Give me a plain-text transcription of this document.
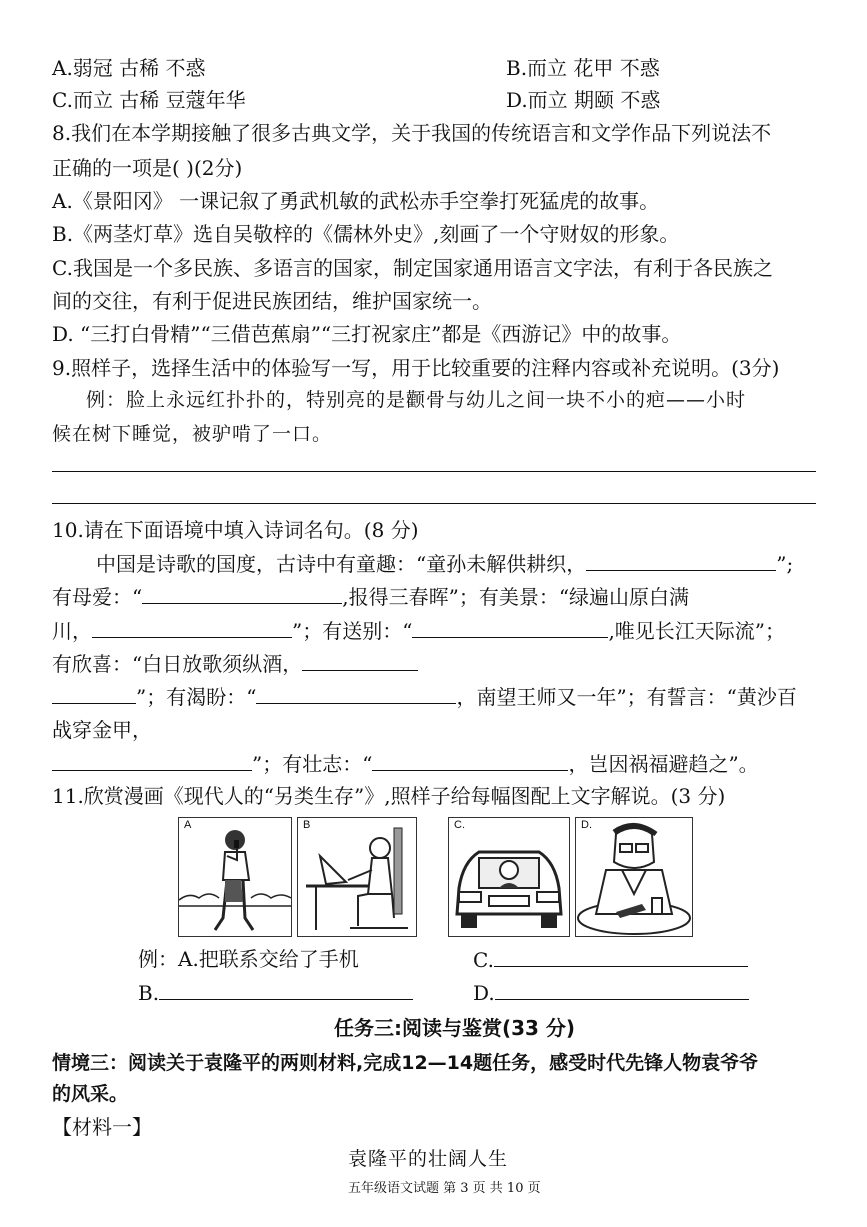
A.弱冠 古稀 不惑	B.而立 花甲 不惑
C.而立 古稀 豆蔻年华	D.而立 期颐 不惑
8.我们在本学期接触了很多古典文学，关于我国的传统语言和文学作品下列说法不
正确的一项是( )(2分)
A.《景阳冈》 一课记叙了勇武机敏的武松赤手空拳打死猛虎的故事。
B.《两茎灯草》选自吴敬梓的《儒林外史》,刻画了一个守财奴的形象。
C.我国是一个多民族、多语言的国家，制定国家通用语言文字法，有利于各民族之
间的交往，有利于促进民族团结，维护国家统一。
D. “三打白骨精”“三借芭蕉扇”“三打祝家庄”都是《西游记》中的故事。
9.照样子，选择生活中的体验写一写，用于比较重要的注释内容或补充说明。(3分)
例：脸上永远红扑扑的，特别亮的是颧骨与幼儿之间一块不小的疤——小时
候在树下睡觉，被驴啃了一口。
10.请在下面语境中填入诗词名句。(8 分)
中国是诗歌的国度，古诗中有童趣：“童孙未解供耕织，	”;
有母爱：“	,报得三春晖”；有美景：“绿遍山原白满
川，	”；有送别：“	,唯见长江天际流”；
有欣喜：“白日放歌须纵酒，
”；有渴盼：“	，南望王师又一年”；有誓言：“黄沙百
战穿金甲，
”；有壮志：“	，岂因祸福避趋之”。
11.欣赏漫画《现代人的“另类生存”》,照样子给每幅图配上文字解说。(3 分)
A	B	C.	D.
例：A.把联系交给了手机	C.
B.	D.
任务三:阅读与鉴赏(33 分)
情境三：阅读关于袁隆平的两则材料,完成12—14题任务，感受时代先锋人物袁爷爷
的风采。
【材料一】
袁隆平的壮阔人生
五年级语文试题 第 3 页 共 10 页
